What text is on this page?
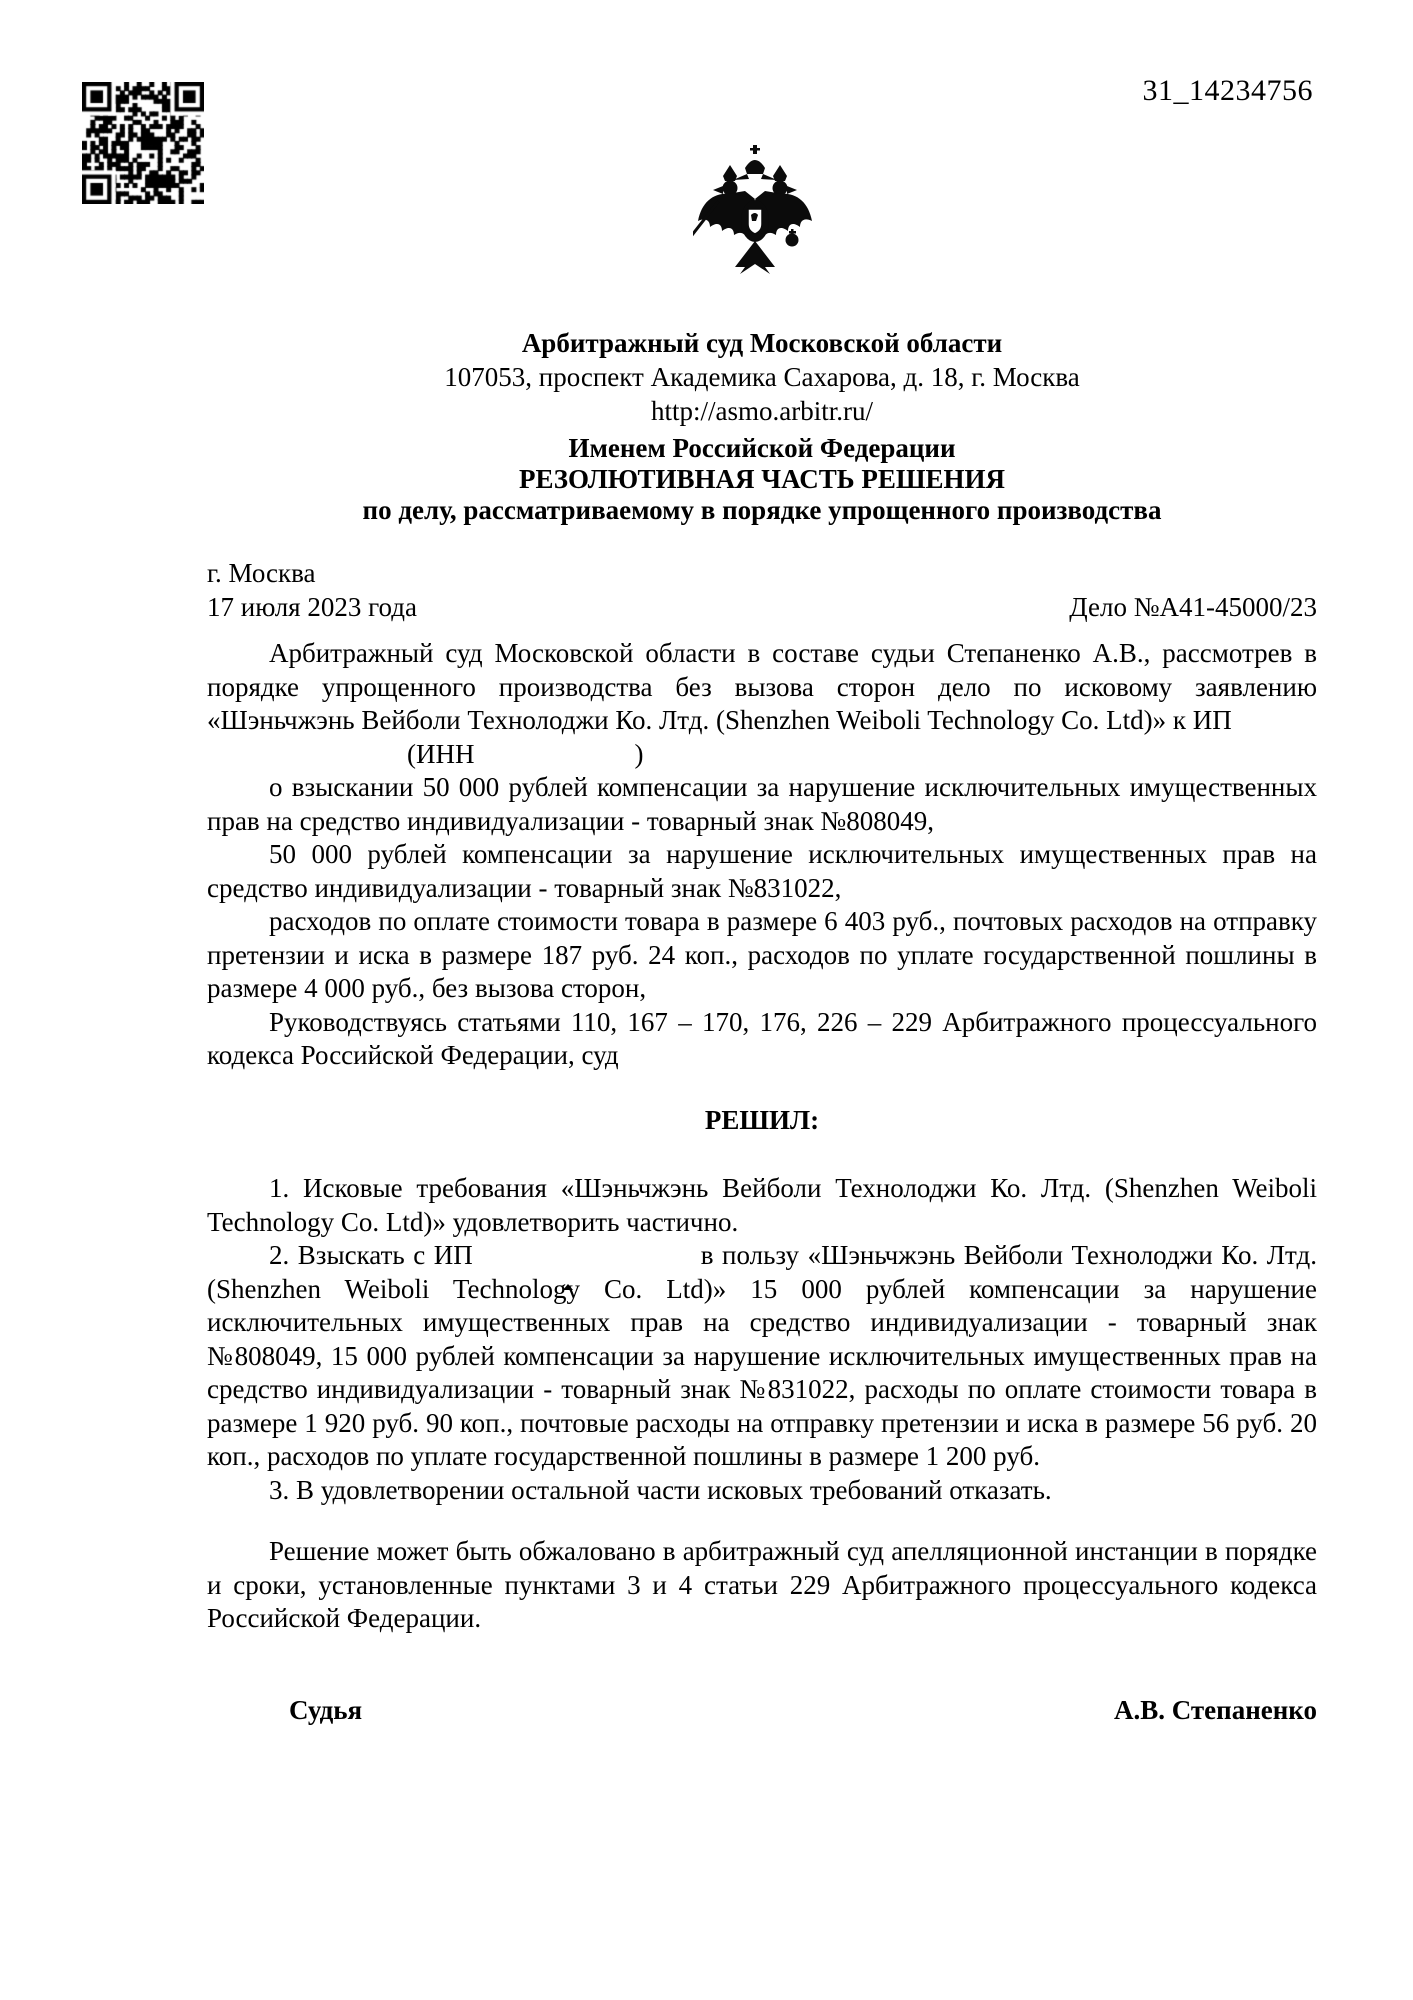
31_14234756
Арбитражный суд Московской области
107053, проспект Академика Сахарова, д. 18, г. Москва
http://asmo.arbitr.ru/
Именем Российской Федерации
РЕЗОЛЮТИВНАЯ ЧАСТЬ РЕШЕНИЯ
по делу, рассматриваемому в порядке упрощенного производства
г. Москва
17 июля 2023 года	Дело №А41-45000/23

Арбитражный суд Московской области в составе судьи Степаненко А.В., рассмотрев в порядке упрощенного производства без вызова сторон дело по исковому заявлению «Шэньчжэнь Вейболи Технолоджи Ко. Лтд. (Shenzhen Weiboli Technology Co. Ltd)» к ИП

(ИНН	)

о взыскании 50 000 рублей компенсации за нарушение исключительных имущественных прав на средство индивидуализации - товарный знак №808049,

50 000 рублей компенсации за нарушение исключительных имущественных прав на средство индивидуализации - товарный знак №831022,

расходов по оплате стоимости товара в размере 6 403 руб., почтовых расходов на отправку претензии и иска в размере 187 руб. 24 коп., расходов по уплате государственной пошлины в размере 4 000 руб., без вызова сторон,

Руководствуясь статьями 110, 167 – 170, 176, 226 – 229 Арбитражного процессуального кодекса Российской Федерации, суд

РЕШИЛ:

1. Исковые требования «Шэньчжэнь Вейболи Технолоджи Ко. Лтд. (Shenzhen Weiboli Technology Co. Ltd)» удовлетворить частично.

2. Взыскать с ИП	в пользу «Шэньчжэнь Вейболи Технолоджи Ко. Лтд. (Shenzhen Weiboli Technology Co. Ltd)» 15 000 рублей компенсации за нарушение исключительных имущественных прав на средство индивидуализации - товарный знак №808049, 15 000 рублей компенсации за нарушение исключительных имущественных прав на средство индивидуализации - товарный знак №831022, расходы по оплате стоимости товара в размере 1 920 руб. 90 коп., почтовые расходы на отправку претензии и иска в размере 56 руб. 20 коп., расходов по уплате государственной пошлины в размере 1 200 руб.

3. В удовлетворении остальной части исковых требований отказать.

Решение может быть обжаловано в арбитражный суд апелляционной инстанции в порядке и сроки, установленные пунктами 3 и 4 статьи 229 Арбитражного процессуального кодекса Российской Федерации.

Судья	А.В. Степаненко
